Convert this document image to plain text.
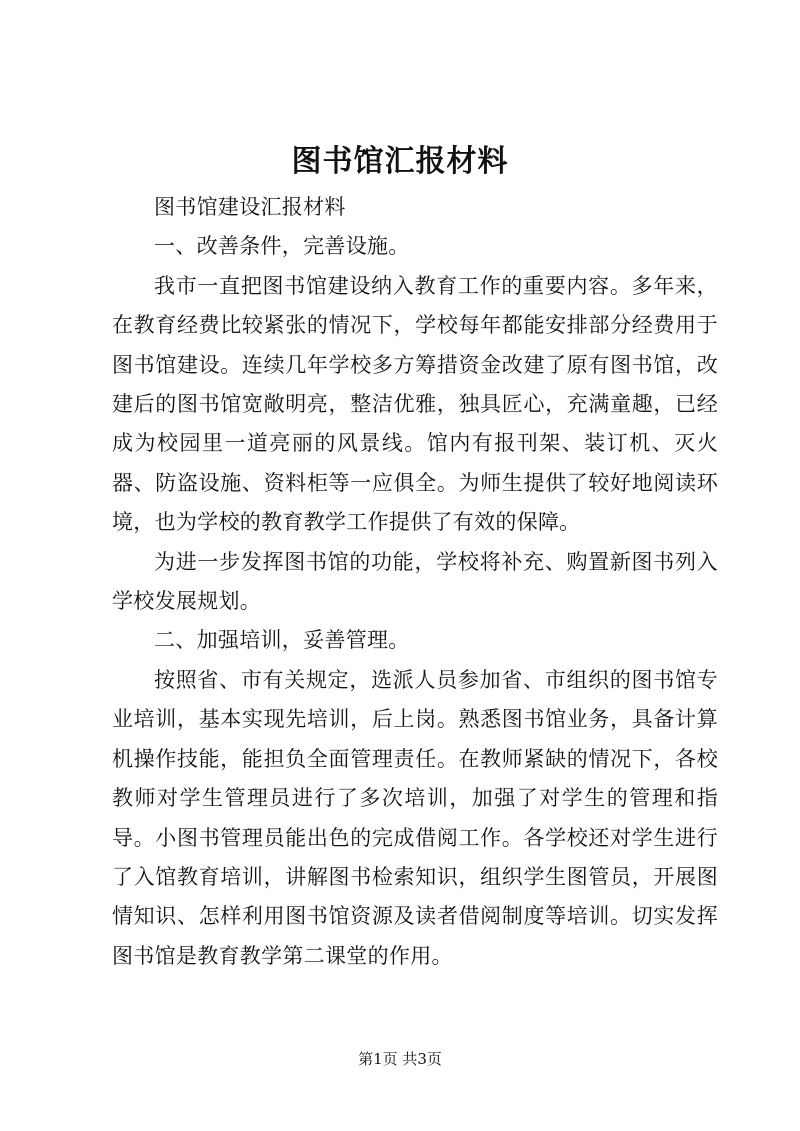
图书馆汇报材料

图书馆建设汇报材料

一、改善条件，完善设施。

我市一直把图书馆建设纳入教育工作的重要内容。多年来，在教育经费比较紧张的情况下，学校每年都能安排部分经费用于图书馆建设。连续几年学校多方筹措资金改建了原有图书馆，改建后的图书馆宽敞明亮，整洁优雅，独具匠心，充满童趣，已经成为校园里一道亮丽的风景线。馆内有报刊架、装订机、灭火器、防盗设施、资料柜等一应俱全。为师生提供了较好地阅读环境，也为学校的教育教学工作提供了有效的保障。

为进一步发挥图书馆的功能，学校将补充、购置新图书列入学校发展规划。

二、加强培训，妥善管理。

按照省、市有关规定，选派人员参加省、市组织的图书馆专业培训，基本实现先培训，后上岗。熟悉图书馆业务，具备计算机操作技能，能担负全面管理责任。在教师紧缺的情况下，各校教师对学生管理员进行了多次培训，加强了对学生的管理和指导。小图书管理员能出色的完成借阅工作。各学校还对学生进行了入馆教育培训，讲解图书检索知识，组织学生图管员，开展图情知识、怎样利用图书馆资源及读者借阅制度等培训。切实发挥图书馆是教育教学第二课堂的作用。

第1页 共3页
